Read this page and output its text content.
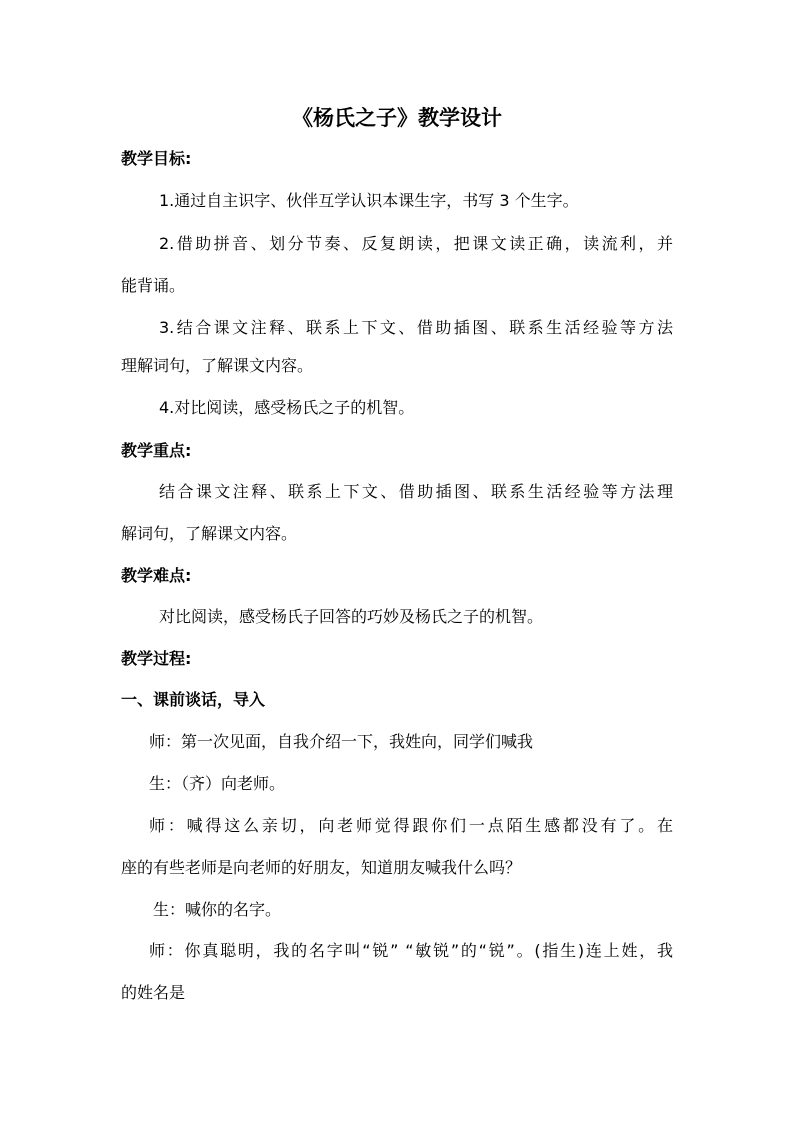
《杨氏之子》教学设计
教学目标:
1.通过自主识字、伙伴互学认识本课生字，书写 3 个生字。
2.借助拼音、划分节奏、反复朗读，把课文读正确，读流利，并
能背诵。
3.结合课文注释、联系上下文、借助插图、联系生活经验等方法
理解词句，了解课文内容。
4.对比阅读，感受杨氏之子的机智。
教学重点:
结合课文注释、联系上下文、借助插图、联系生活经验等方法理
解词句，了解课文内容。
教学难点:
对比阅读，感受杨氏子回答的巧妙及杨氏之子的机智。
教学过程:
一、课前谈话，导入
师：第一次见面，自我介绍一下，我姓向，同学们喊我
生：（齐）向老师。
师：喊得这么亲切，向老师觉得跟你们一点陌生感都没有了。在
座的有些老师是向老师的好朋友，知道朋友喊我什么吗？
生：喊你的名字。
师：你真聪明，我的名字叫“锐” “敏锐”的“锐”。(指生)连上姓，我
的姓名是
